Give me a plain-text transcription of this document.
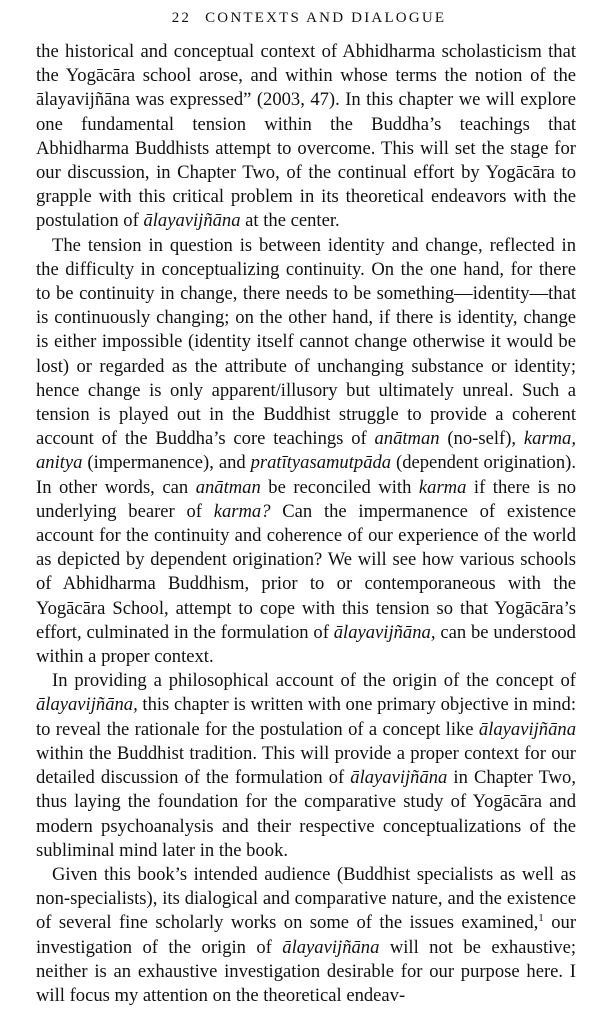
22 CONTEXTS AND DIALOGUE

the historical and conceptual context of Abhidharma scholasticism that the Yogācāra school arose, and within whose terms the notion of the ālayavijñāna was expressed” (2003, 47). In this chapter we will explore one fundamental tension within the Buddha’s teachings that Abhidharma Buddhists attempt to overcome. This will set the stage for our discussion, in Chapter Two, of the continual effort by Yogācāra to grapple with this critical problem in its theoretical endeavors with the postulation of ālayavijñāna at the center.

The tension in question is between identity and change, reflected in the difficulty in conceptualizing continuity. On the one hand, for there to be continuity in change, there needs to be something—identity—that is continuously changing; on the other hand, if there is identity, change is either impossible (identity itself cannot change otherwise it would be lost) or regarded as the attribute of unchanging substance or identity; hence change is only apparent/illusory but ultimately unreal. Such a tension is played out in the Buddhist struggle to provide a coherent account of the Buddha’s core teachings of anātman (no-self), karma, anitya (impermanence), and pratītyasamutpāda (dependent origination). In other words, can anātman be reconciled with karma if there is no underlying bearer of karma? Can the impermanence of existence account for the continuity and coherence of our experience of the world as depicted by dependent origination? We will see how various schools of Abhidharma Buddhism, prior to or contemporaneous with the Yogācāra School, attempt to cope with this tension so that Yogācāra’s effort, culminated in the formulation of ālayavijñāna, can be understood within a proper context.

In providing a philosophical account of the origin of the concept of ālayavijñāna, this chapter is written with one primary objective in mind: to reveal the rationale for the postulation of a concept like ālayavijñāna within the Buddhist tradition. This will provide a proper context for our detailed discussion of the formulation of ālayavijñāna in Chapter Two, thus laying the foundation for the comparative study of Yogācāra and modern psychoanalysis and their respective conceptualizations of the subliminal mind later in the book.

Given this book’s intended audience (Buddhist specialists as well as non-specialists), its dialogical and comparative nature, and the existence of several fine scholarly works on some of the issues examined,$^1$ our investigation of the origin of ālayavijñāna will not be exhaustive; neither is an exhaustive investigation desirable for our purpose here. I will focus my attention on the theoretical endeav-
